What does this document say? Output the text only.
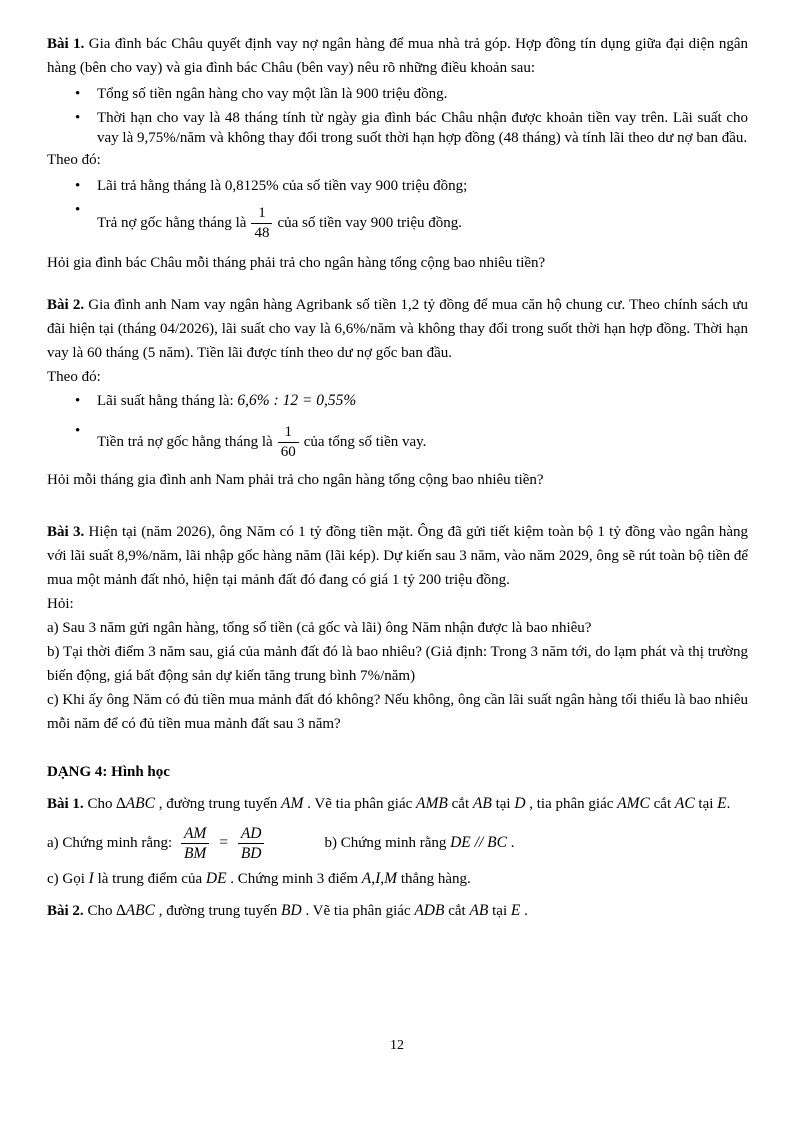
Bài 1. Gia đình bác Châu quyết định vay nợ ngân hàng để mua nhà trả góp. Hợp đồng tín dụng giữa đại diện ngân hàng (bên cho vay) và gia đình bác Châu (bên vay) nêu rõ những điều khoản sau:

•	Tổng số tiền ngân hàng cho vay một lần là 900 triệu đồng.
•	Thời hạn cho vay là 48 tháng tính từ ngày gia đình bác Châu nhận được khoản tiền vay trên. Lãi suất cho vay là 9,75%/năm và không thay đổi trong suốt thời hạn hợp đồng (48 tháng) và tính lãi theo dư nợ ban đầu.

Theo đó:

•	Lãi trả hằng tháng là 0,8125% của số tiền vay 900 triệu đồng;
•
Trả nợ gốc hằng tháng là $\frac{1}{48}$ của số tiền vay 900 triệu đồng.

Hỏi gia đình bác Châu mỗi tháng phải trả cho ngân hàng tổng cộng bao nhiêu tiền?

Bài 2. Gia đình anh Nam vay ngân hàng Agribank số tiền 1,2 tỷ đồng để mua căn hộ chung cư. Theo chính sách ưu đãi hiện tại (tháng 04/2026), lãi suất cho vay là 6,6%/năm và không thay đổi trong suốt thời hạn hợp đồng. Thời hạn vay là 60 tháng (5 năm). Tiền lãi được tính theo dư nợ gốc ban đầu.

Theo đó:

•	Lãi suất hằng tháng là: 6,6% : 12 = 0,55%
•
Tiền trả nợ gốc hằng tháng là $\frac{1}{60}$ của tổng số tiền vay.

Hỏi mỗi tháng gia đình anh Nam phải trả cho ngân hàng tổng cộng bao nhiêu tiền?

Bài 3. Hiện tại (năm 2026), ông Năm có 1 tỷ đồng tiền mặt. Ông đã gửi tiết kiệm toàn bộ 1 tỷ đồng vào ngân hàng với lãi suất 8,9%/năm, lãi nhập gốc hàng năm (lãi kép). Dự kiến sau 3 năm, vào năm 2029, ông sẽ rút toàn bộ tiền để mua một mảnh đất nhỏ, hiện tại mảnh đất đó đang có giá 1 tỷ 200 triệu đồng.

Hỏi:

a) Sau 3 năm gửi ngân hàng, tổng số tiền (cả gốc và lãi) ông Năm nhận được là bao nhiêu?

b) Tại thời điểm 3 năm sau, giá của mảnh đất đó là bao nhiêu? (Giả định: Trong 3 năm tới, do lạm phát và thị trường biến động, giá bất động sản dự kiến tăng trung bình 7%/năm)

c) Khi ấy ông Năm có đủ tiền mua mảnh đất đó không? Nếu không, ông cần lãi suất ngân hàng tối thiểu là bao nhiêu mỗi năm để có đủ tiền mua mảnh đất sau 3 năm?

DẠNG 4: Hình học

Bài 1. Cho ∆ABC , đường trung tuyến AM . Vẽ tia phân giác AMB cắt AB tại D , tia phân giác AMC cắt AC tại E.

a) Chứng minh rằng: $\frac{AM}{BM} = \frac{AD}{BD}$	b) Chứng minh rằng DE // BC .

c) Gọi I là trung điểm của DE . Chứng minh 3 điểm A,I,M thẳng hàng.

Bài 2. Cho ∆ABC , đường trung tuyến BD . Vẽ tia phân giác ADB cắt AB tại E .

12
